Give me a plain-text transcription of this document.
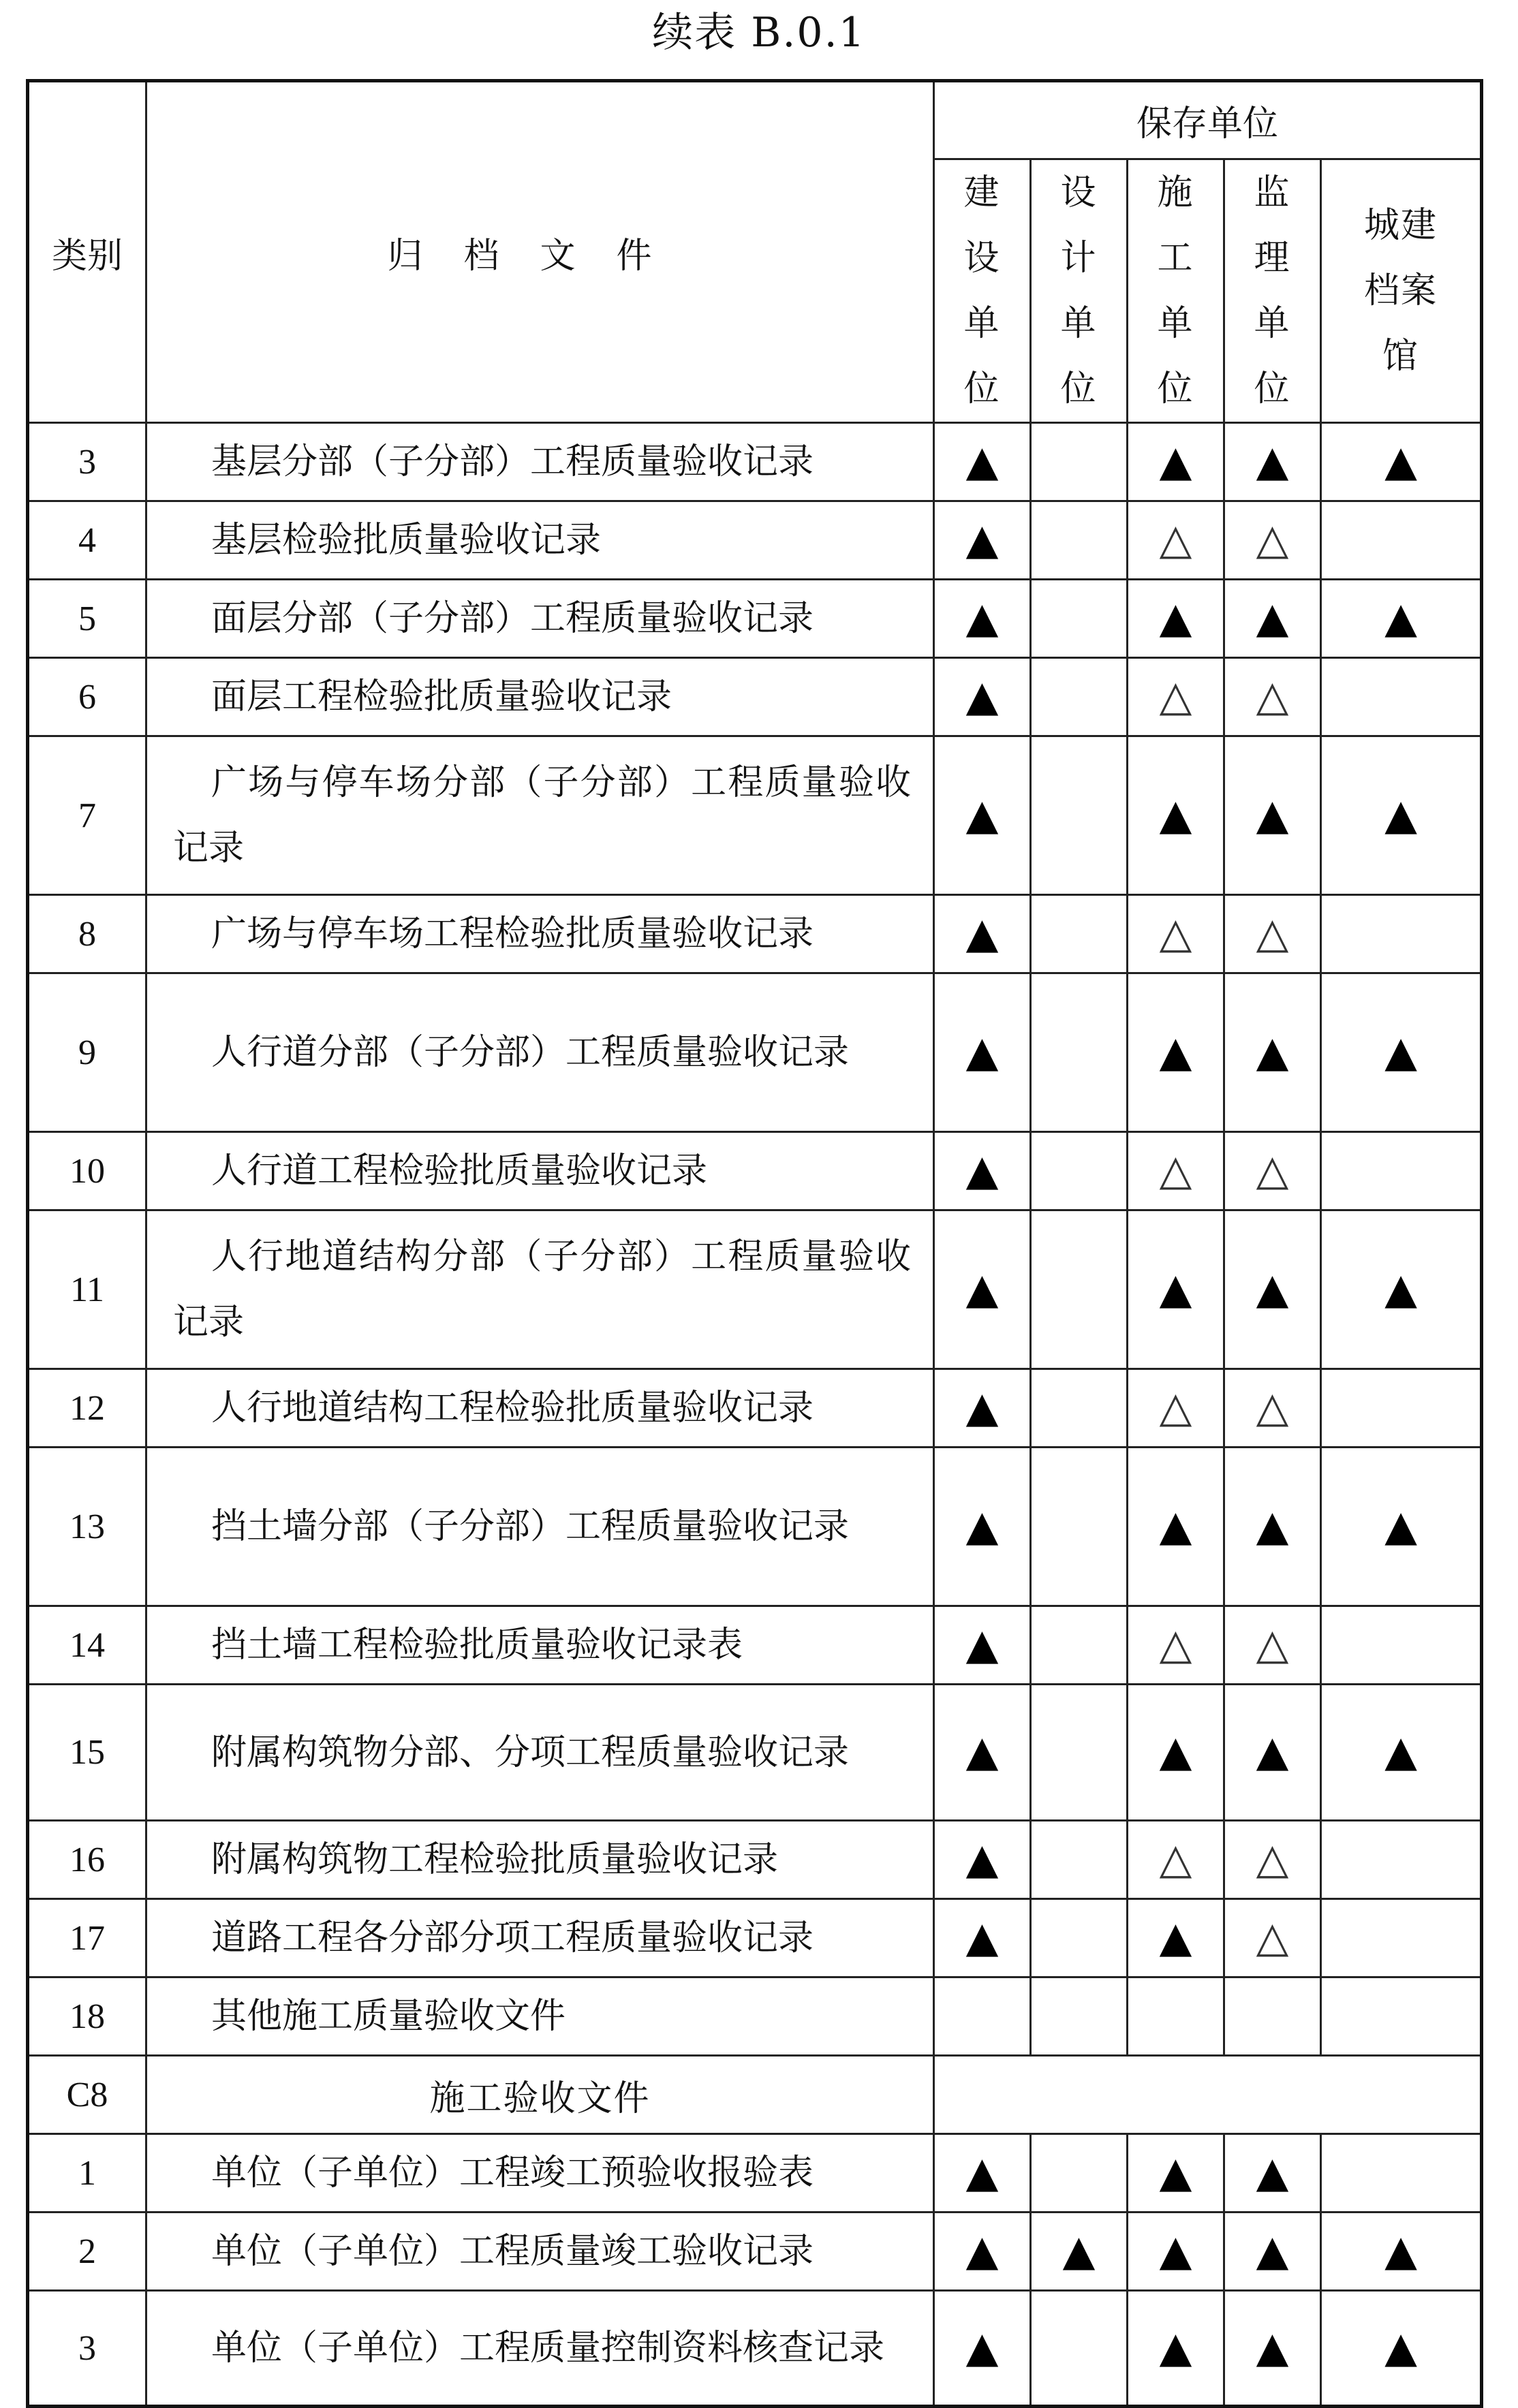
续表 B.0.1
类别	归档文件	保存单位				

		建设单位	设计单位	施工单位	监理单位	城建档案馆

3	基层分部（子分部）工程质量验收记录	▲		▲	▲	▲
4	基层检验批质量验收记录	▲		△	△	
5	面层分部（子分部）工程质量验收记录	▲		▲	▲	▲
6	面层工程检验批质量验收记录	▲		△	△	
7	广场与停车场分部（子分部）工程质量验收记录	▲		▲	▲	▲
8	广场与停车场工程检验批质量验收记录	▲		△	△	
9	人行道分部（子分部）工程质量验收记录	▲		▲	▲	▲
10	人行道工程检验批质量验收记录	▲		△	△	
11	人行地道结构分部（子分部）工程质量验收记录	▲		▲	▲	▲
12	人行地道结构工程检验批质量验收记录	▲		△	△	
13	挡土墙分部（子分部）工程质量验收记录	▲		▲	▲	▲
14	挡土墙工程检验批质量验收记录表	▲		△	△	
15	附属构筑物分部、分项工程质量验收记录	▲		▲	▲	▲
16	附属构筑物工程检验批质量验收记录	▲		△	△	
17	道路工程各分部分项工程质量验收记录	▲		▲	△	
18	其他施工质量验收文件					

C8	施工验收文件					
1	单位（子单位）工程竣工预验收报验表	▲		▲	▲	
2	单位（子单位）工程质量竣工验收记录	▲	▲	▲	▲	▲
3	单位（子单位）工程质量控制资料核查记录	▲		▲	▲	▲
